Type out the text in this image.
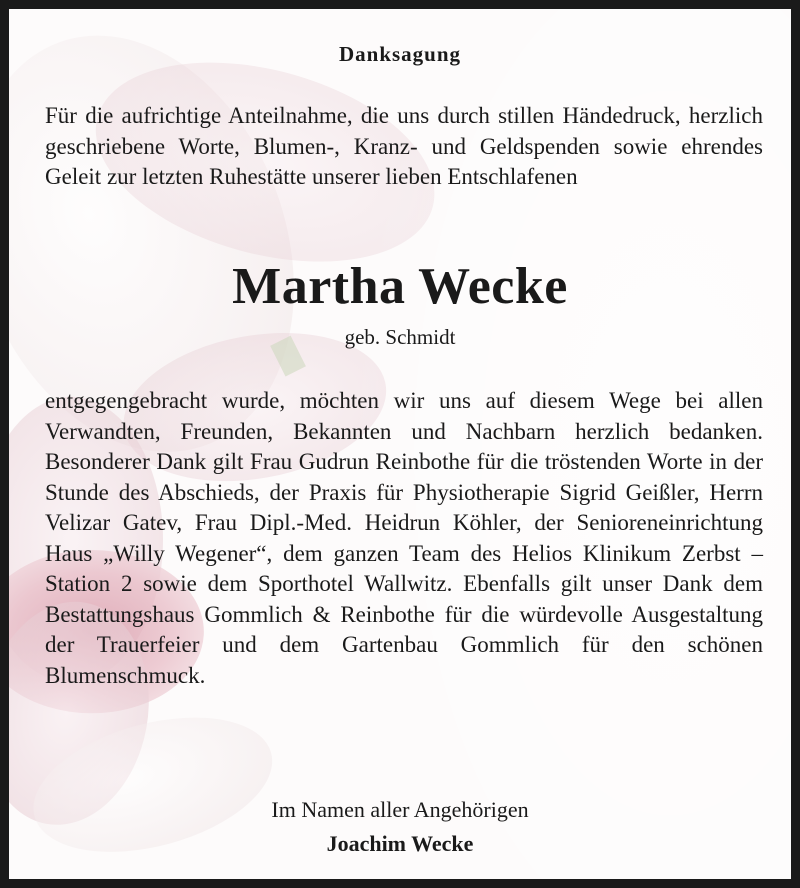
Danksagung

Für die aufrichtige Anteilnahme, die uns durch stillen Händedruck, herzlich geschriebene Worte, Blumen-, Kranz- und Geldspenden sowie ehrendes Geleit zur letzten Ruhestätte unserer lieben Entschlafenen

Martha Wecke
geb. Schmidt

entgegengebracht wurde, möchten wir uns auf diesem Wege bei allen Verwandten, Freunden, Bekannten und Nachbarn herzlich bedanken. Besonderer Dank gilt Frau Gudrun Reinbothe für die tröstenden Worte in der Stunde des Abschieds, der Praxis für Physiotherapie Sigrid Geißler, Herrn Velizar Gatev, Frau Dipl.-Med. Heidrun Köhler, der Senioreneinrichtung Haus „Willy Wegener“, dem ganzen Team des Helios Klinikum Zerbst – Station 2 sowie dem Sporthotel Wallwitz. Ebenfalls gilt unser Dank dem Bestattungshaus Gommlich & Reinbothe für die würdevolle Ausgestaltung der Trauerfeier und dem Gartenbau Gommlich für den schönen Blumenschmuck.

Im Namen aller Angehörigen
Joachim Wecke
